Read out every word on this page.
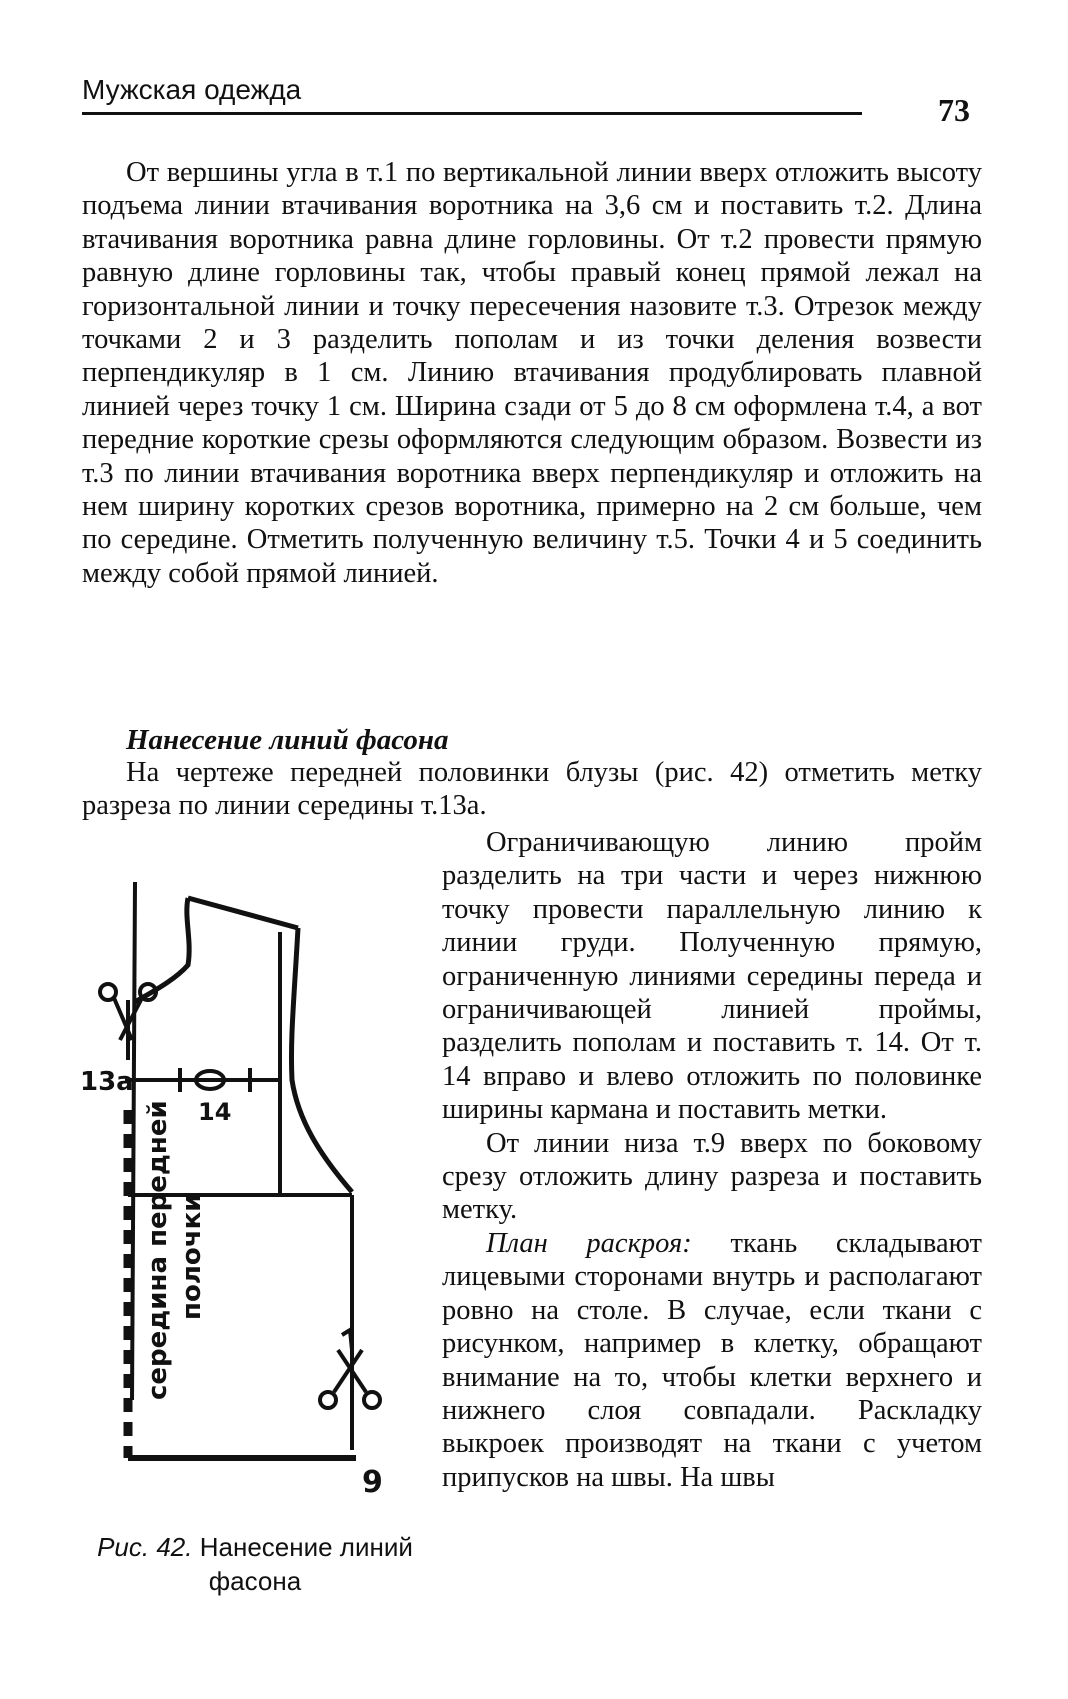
Мужская одежда
73

От вершины угла в т.1 по вертикальной линии вверх отложить высоту подъема линии втачивания воротника на 3,6 см и поставить т.2. Длина втачивания воротника равна длине горловины. От т.2 провести прямую равную длине горловины так, чтобы правый конец прямой лежал на горизонтальной линии и точку пересечения назовите т.3. Отрезок между точками 2 и 3 разделить пополам и из точки деления возвести перпендикуляр в 1 см. Линию втачивания продублировать плавной линией через точку 1 см. Ширина сзади от 5 до 8 см оформлена т.4, а вот передние короткие срезы оформляются следующим образом. Возвести из т.3 по линии втачивания воротника вверх перпендикуляр и отложить на нем ширину коротких срезов воротника, примерно на 2 см больше, чем по середине. Отметить полученную величину т.5. Точки 4 и 5 соединить между собой прямой линией.

Нанесение линий фасона

На чертеже передней половинки блузы (рис. 42) отметить метку разреза по линии середины т.13а.

Ограничивающую линию пройм разделить на три части и через нижнюю точку провести параллельную линию к линии груди. Полученную прямую, ограниченную линиями середины переда и ограничивающей линией проймы, разделить пополам и поставить т. 14. От т. 14 вправо и влево отложить по половинке ширины кармана и поставить метки.

От линии низа т.9 вверх по боковому срезу отложить длину разреза и поставить метку.

План раскроя: ткань складывают лицевыми сторонами внутрь и располагают ровно на столе. В случае, если ткани с рисунком, например в клетку, обращают внимание на то, чтобы клетки верхнего и нижнего слоя совпадали. Раскладку выкроек производят на ткани с учетом припусков на швы. На швы

13а
14
9
середина передней полочки
Рис. 42. Нанесение линий фасона
